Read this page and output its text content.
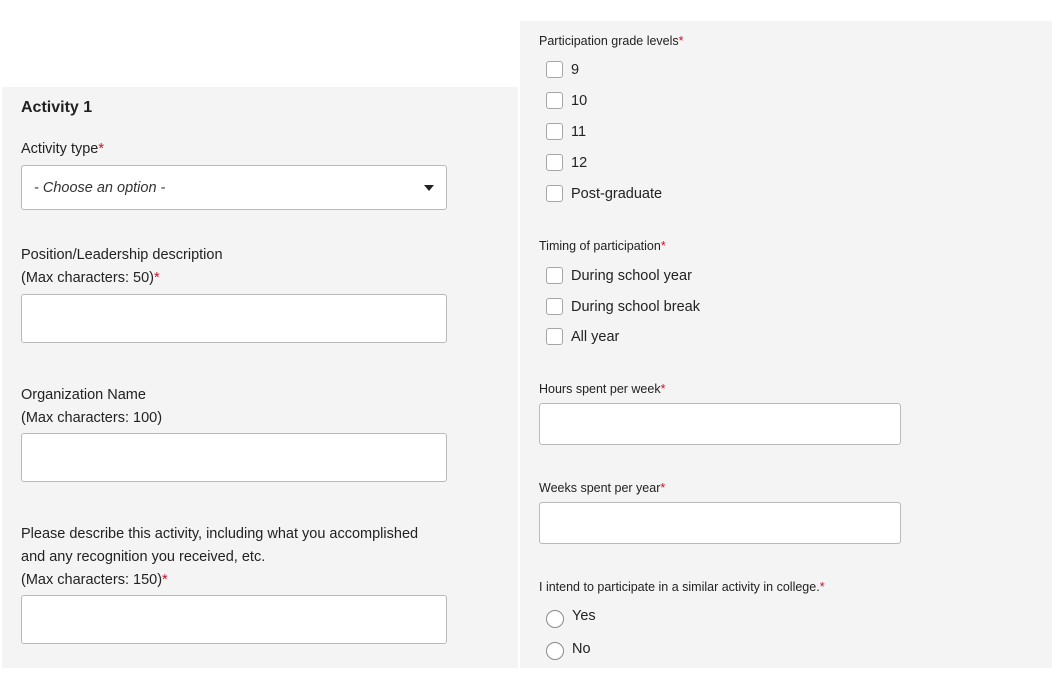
Activity 1
Activity type*
- Choose an option -
Position/Leadership description
(Max characters: 50)*
Organization Name
(Max characters: 100)
Please describe this activity, including what you accomplished
and any recognition you received, etc.
(Max characters: 150)*
Participation grade levels*
9
10
11
12
Post-graduate
Timing of participation*
During school year
During school break
All year
Hours spent per week*
Weeks spent per year*
I intend to participate in a similar activity in college.*
Yes
No
